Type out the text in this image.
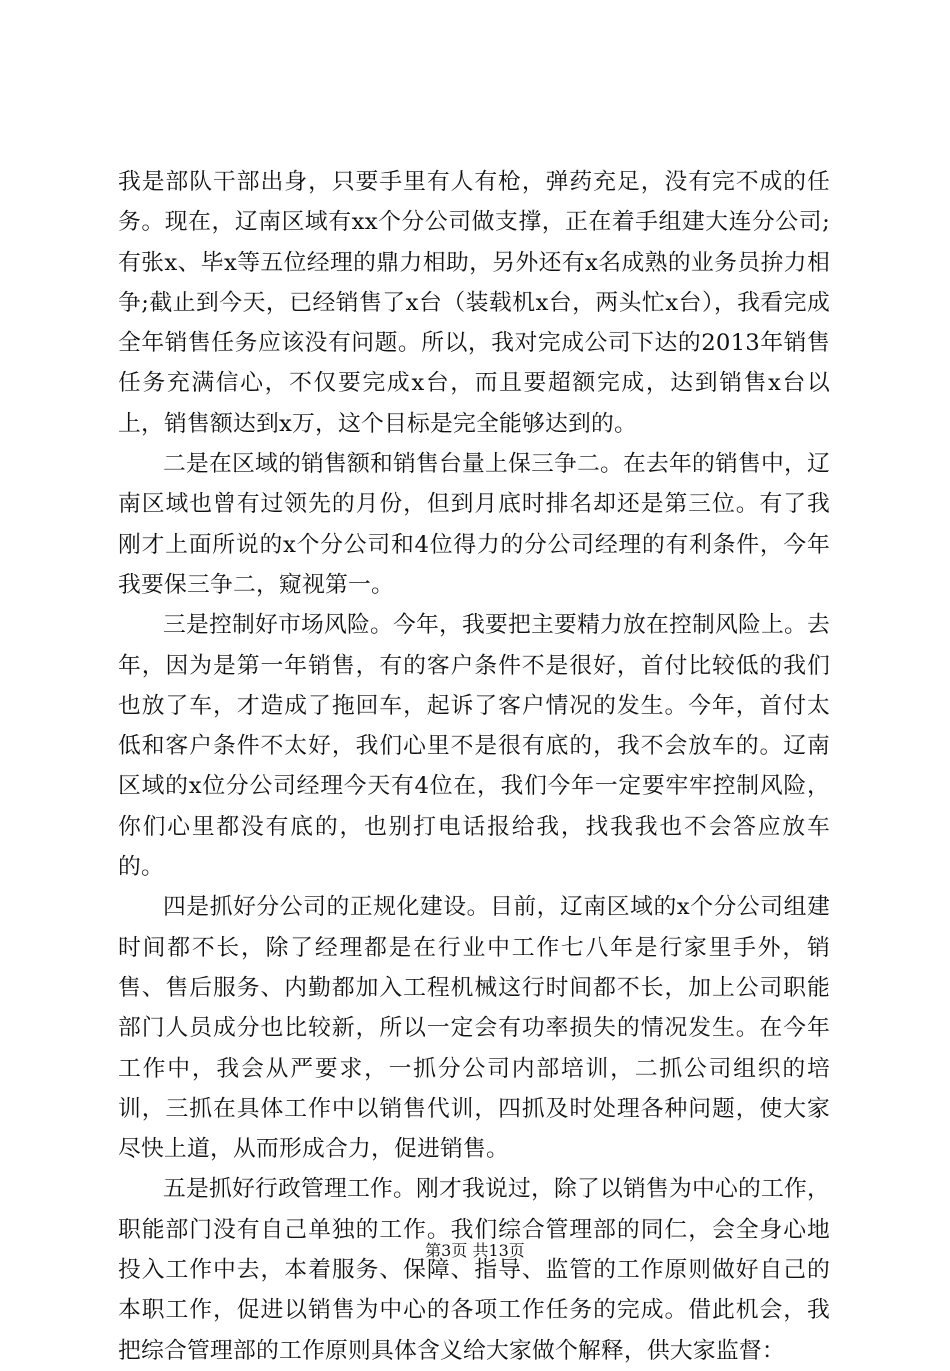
我是部队干部出身，只要手里有人有枪，弹药充足，没有完不成的任务。现在，辽南区域有xx个分公司做支撑，正在着手组建大连分公司;有张x、毕x等五位经理的鼎力相助，另外还有x名成熟的业务员拚力相争;截止到今天，已经销售了x台（装载机x台，两头忙x台），我看完成全年销售任务应该没有问题。所以，我对完成公司下达的2013年销售任务充满信心，不仅要完成x台，而且要超额完成，达到销售x台以上，销售额达到x万，这个目标是完全能够达到的。

二是在区域的销售额和销售台量上保三争二。在去年的销售中，辽南区域也曾有过领先的月份，但到月底时排名却还是第三位。有了我刚才上面所说的x个分公司和4位得力的分公司经理的有利条件，今年我要保三争二，窥视第一。

三是控制好市场风险。今年，我要把主要精力放在控制风险上。去年，因为是第一年销售，有的客户条件不是很好，首付比较低的我们也放了车，才造成了拖回车，起诉了客户情况的发生。今年，首付太低和客户条件不太好，我们心里不是很有底的，我不会放车的。辽南区域的x位分公司经理今天有4位在，我们今年一定要牢牢控制风险，你们心里都没有底的，也别打电话报给我，找我我也不会答应放车的。

四是抓好分公司的正规化建设。目前，辽南区域的x个分公司组建时间都不长，除了经理都是在行业中工作七八年是行家里手外，销售、售后服务、内勤都加入工程机械这行时间都不长，加上公司职能部门人员成分也比较新，所以一定会有功率损失的情况发生。在今年工作中，我会从严要求，一抓分公司内部培训，二抓公司组织的培训，三抓在具体工作中以销售代训，四抓及时处理各种问题，使大家尽快上道，从而形成合力，促进销售。

五是抓好行政管理工作。刚才我说过，除了以销售为中心的工作，职能部门没有自己单独的工作。我们综合管理部的同仁，会全身心地投入工作中去，本着服务、保障、指导、监管的工作原则做好自己的本职工作，促进以销售为中心的各项工作任务的完成。借此机会，我把综合管理部的工作原则具体含义给大家做个解释，供大家监督：

第3页 共13页
